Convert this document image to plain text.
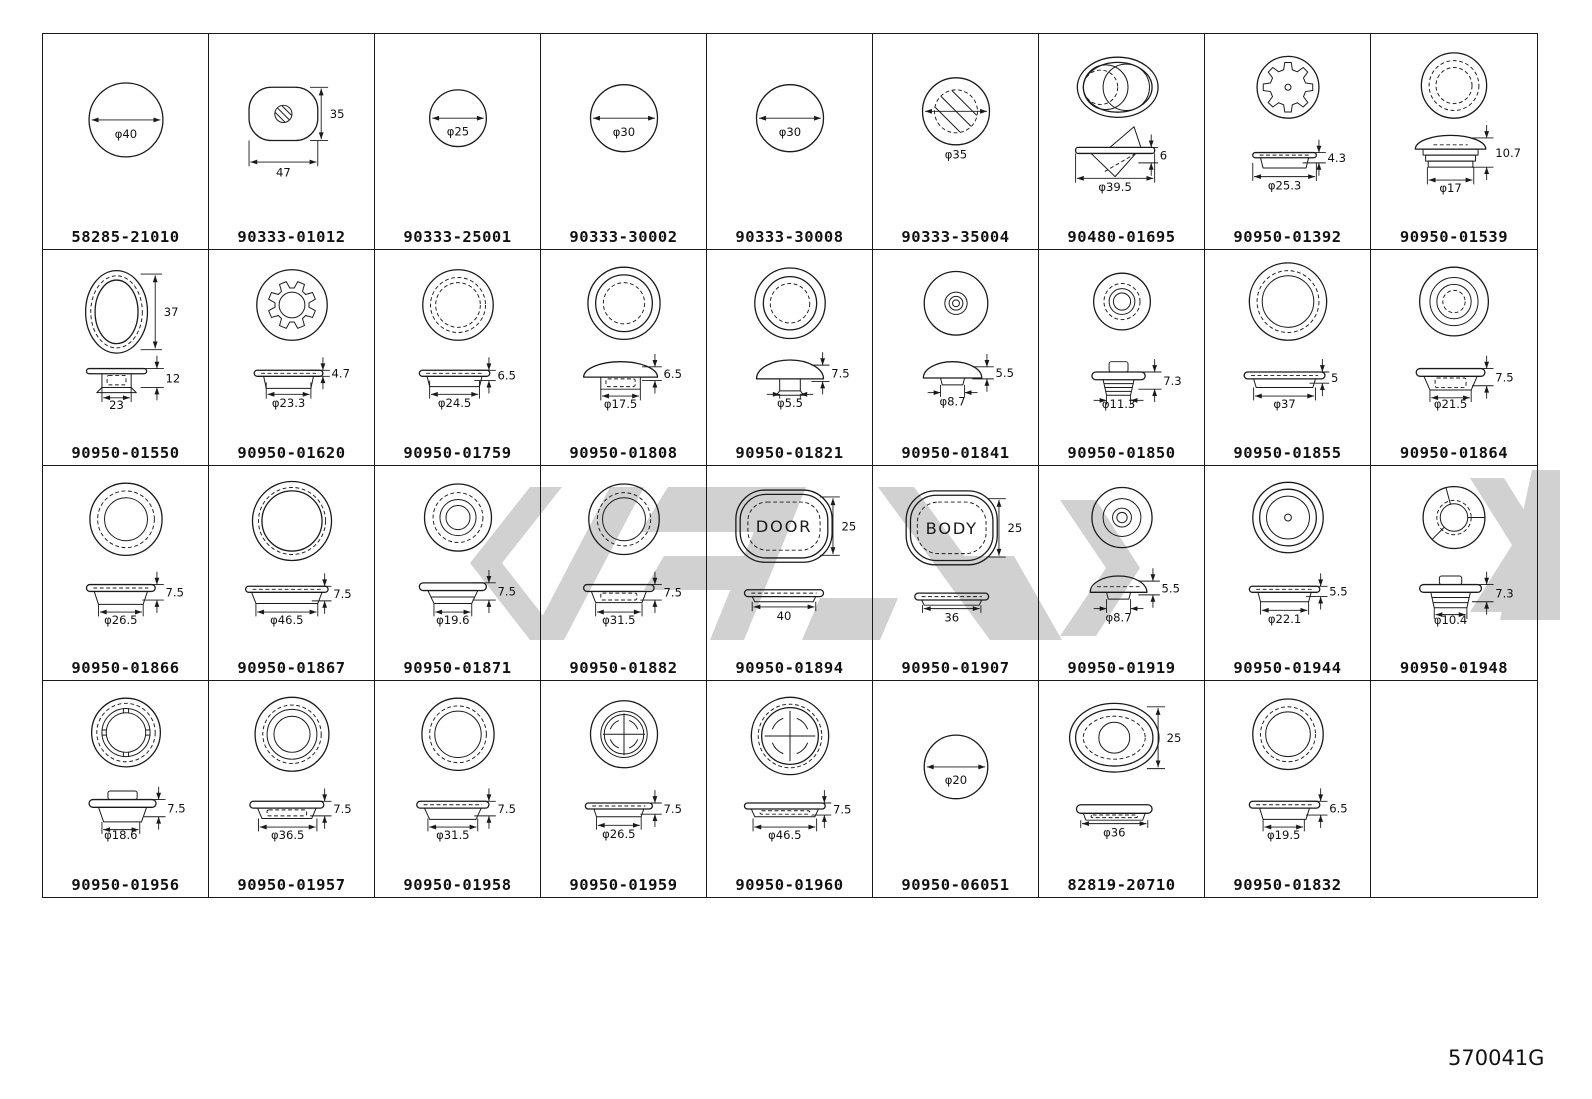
φ40
58285-21010
35
47
90333-01012
φ25
90333-25001
φ30
90333-30002
φ30
90333-30008
φ35
90333-35004
6
φ39.5
90480-01695
4.3
φ25.3
90950-01392
10.7
φ17
90950-01539
37
12
23
90950-01550
4.7
φ23.3
90950-01620
6.5
φ24.5
90950-01759
6.5
φ17.5
90950-01808
7.5
φ5.5
90950-01821
5.5
φ8.7
90950-01841
7.3
φ11.3
90950-01850
5
φ37
90950-01855
7.5
φ21.5
90950-01864
7.5
φ26.5
90950-01866
7.5
φ46.5
90950-01867
7.5
φ19.6
90950-01871
7.5
φ31.5
90950-01882
DOOR 25
40
90950-01894
BODY 25
36
90950-01907
5.5
φ8.7
90950-01919
5.5
φ22.1
90950-01944
7.3
φ10.4
90950-01948
7.5
φ18.6
90950-01956
7.5
φ36.5
90950-01957
7.5
φ31.5
90950-01958
7.5
φ26.5
90950-01959
7.5
φ46.5
90950-01960
φ20
90950-06051
25
φ36
82819-20710
6.5
φ19.5
90950-01832
570041G
